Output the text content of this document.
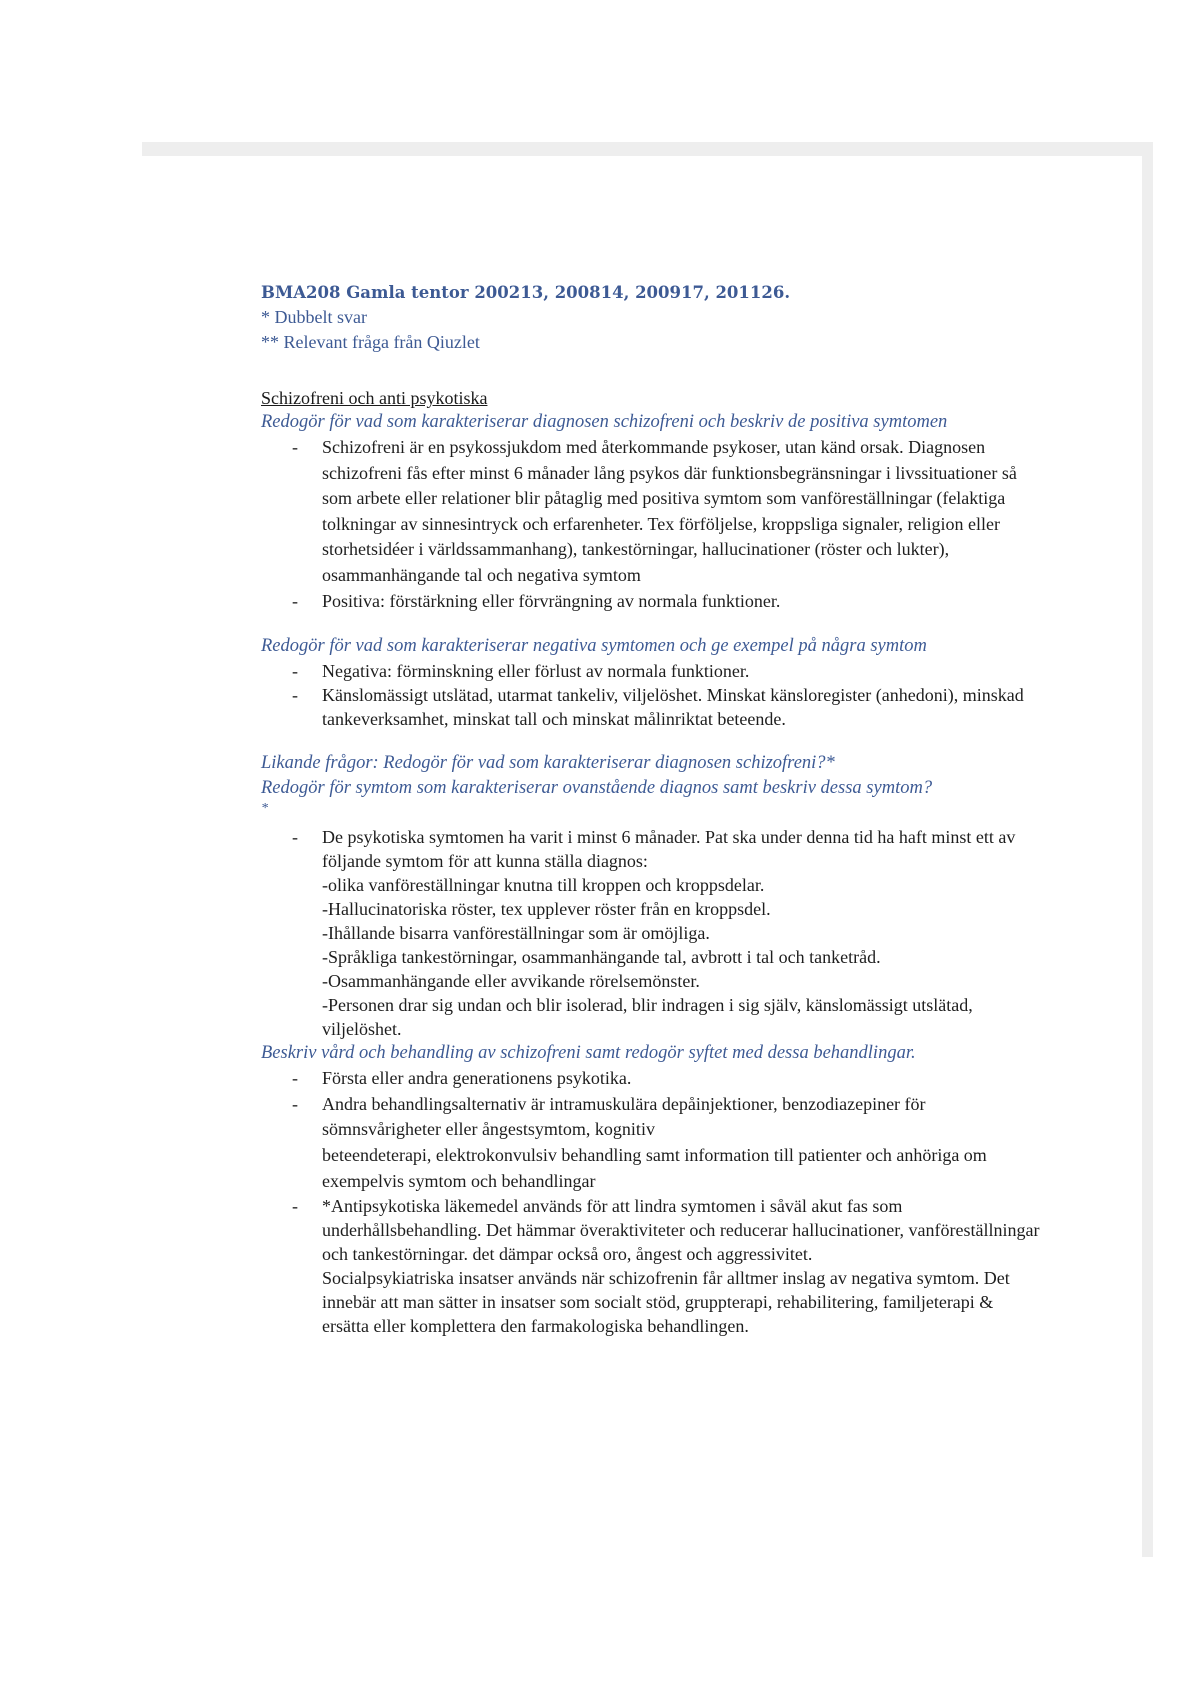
BMA208 Gamla tentor 200213, 200814, 200917, 201126.
* Dubbelt svar
** Relevant fråga från Qiuzlet
Schizofreni och anti psykotiska
Redogör för vad som karakteriserar diagnosen schizofreni och beskriv de positiva symtomen
- Schizofreni är en psykossjukdom med återkommande psykoser, utan känd orsak. Diagnosen schizofreni fås efter minst 6 månader lång psykos där funktionsbegränsningar i livssituationer så som arbete eller relationer blir påtaglig med positiva symtom som vanföreställningar (felaktiga tolkningar av sinnesintryck och erfarenheter. Tex förföljelse, kroppsliga signaler, religion eller storhetsidéer i världssammanhang), tankestörningar, hallucinationer (röster och lukter), osammanhängande tal och negativa symtom
- Positiva: förstärkning eller förvrängning av normala funktioner.
Redogör för vad som karakteriserar negativa symtomen och ge exempel på några symtom
- Negativa: förminskning eller förlust av normala funktioner.
- Känslomässigt utslätad, utarmat tankeliv, viljelöshet. Minskat känsloregister (anhedoni), minskad tankeverksamhet, minskat tall och minskat målinriktat beteende.
Likande frågor: Redogör för vad som karakteriserar diagnosen schizofreni?*
Redogör för symtom som karakteriserar ovanstående diagnos samt beskriv dessa symtom?
*
- De psykotiska symtomen ha varit i minst 6 månader. Pat ska under denna tid ha haft minst ett av följande symtom för att kunna ställa diagnos:
-olika vanföreställningar knutna till kroppen och kroppsdelar.
-Hallucinatoriska röster, tex upplever röster från en kroppsdel.
-Ihållande bisarra vanföreställningar som är omöjliga.
-Språkliga tankestörningar, osammanhängande tal, avbrott i tal och tanketråd.
-Osammanhängande eller avvikande rörelsemönster.
-Personen drar sig undan och blir isolerad, blir indragen i sig själv, känslomässigt utslätad, viljelöshet.
Beskriv vård och behandling av schizofreni samt redogör syftet med dessa behandlingar.
- Första eller andra generationens psykotika.
- Andra behandlingsalternativ är intramuskulära depåinjektioner, benzodiazepiner för sömnsvårigheter eller ångestsymtom, kognitiv
beteendeterapi, elektrokonvulsiv behandling samt information till patienter och anhöriga om exempelvis symtom och behandlingar
- *Antipsykotiska läkemedel används för att lindra symtomen i såväl akut fas som underhållsbehandling. Det hämmar överaktiviteter och reducerar hallucinationer, vanföreställningar och tankestörningar. det dämpar också oro, ångest och aggressivitet.
Socialpsykiatriska insatser används när schizofrenin får alltmer inslag av negativa symtom. Det innebär att man sätter in insatser som socialt stöd, gruppterapi, rehabilitering, familjeterapi & ersätta eller komplettera den farmakologiska behandlingen.
